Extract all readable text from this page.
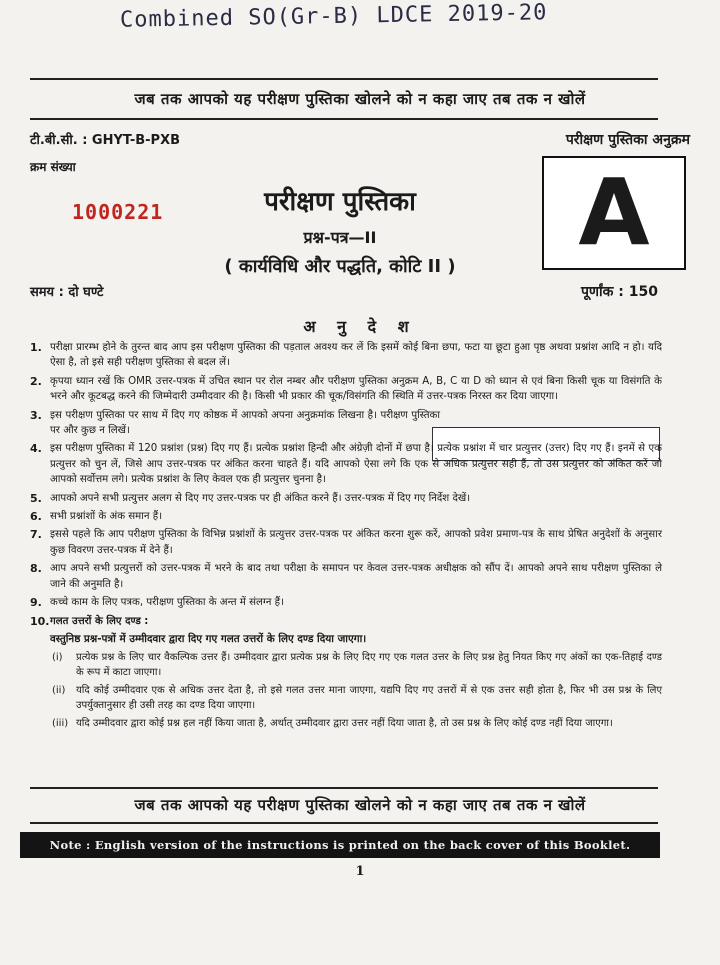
Combined SO(Gr-B) LDCE 2019-20
जब तक आपको यह परीक्षण पुस्तिका खोलने को न कहा जाए तब तक न खोलें
टी.बी.सी. : GHYT-B-PXB	परीक्षण पुस्तिका अनुक्रम
क्रम संख्या
1000221	परीक्षण पुस्तिका
प्रश्न-पत्र—II
( कार्यविधि और पद्धति, कोटि II )
A
समय : दो घण्टे	पूर्णांक : 150
अ नु दे श
1. परीक्षा प्रारम्भ होने के तुरन्त बाद आप इस परीक्षण पुस्तिका की पड़ताल अवश्य कर लें कि इसमें कोई बिना छपा, फटा या छूटा हुआ पृष्ठ अथवा प्रश्नांश आदि न हो। यदि ऐसा है, तो इसे सही परीक्षण पुस्तिका से बदल लें।
2. कृपया ध्यान रखें कि OMR उत्तर-पत्रक में उचित स्थान पर रोल नम्बर और परीक्षण पुस्तिका अनुक्रम A, B, C या D को ध्यान से एवं बिना किसी चूक या विसंगति के भरने और कूटबद्ध करने की जिम्मेदारी उम्मीदवार की है। किसी भी प्रकार की चूक/विसंगति की स्थिति में उत्तर-पत्रक निरस्त कर दिया जाएगा।
3. इस परीक्षण पुस्तिका पर साथ में दिए गए कोष्ठक में आपको अपना अनुक्रमांक लिखना है। परीक्षण पुस्तिका पर और कुछ न लिखें।
4. इस परीक्षण पुस्तिका में 120 प्रश्नांश (प्रश्न) दिए गए हैं। प्रत्येक प्रश्नांश हिन्दी और अंग्रेज़ी दोनों में छपा है। प्रत्येक प्रश्नांश में चार प्रत्युत्तर (उत्तर) दिए गए हैं। इनमें से एक प्रत्युत्तर को चुन लें, जिसे आप उत्तर-पत्रक पर अंकित करना चाहते हैं। यदि आपको ऐसा लगे कि एक से अधिक प्रत्युत्तर सही हैं, तो उस प्रत्युत्तर को अंकित करें जो आपको सर्वोत्तम लगे। प्रत्येक प्रश्नांश के लिए केवल एक ही प्रत्युत्तर चुनना है।
5. आपको अपने सभी प्रत्युत्तर अलग से दिए गए उत्तर-पत्रक पर ही अंकित करने हैं। उत्तर-पत्रक में दिए गए निर्देश देखें।
6. सभी प्रश्नांशों के अंक समान हैं।
7. इससे पहले कि आप परीक्षण पुस्तिका के विभिन्न प्रश्नांशों के प्रत्युत्तर उत्तर-पत्रक पर अंकित करना शुरू करें, आपको प्रवेश प्रमाण-पत्र के साथ प्रेषित अनुदेशों के अनुसार कुछ विवरण उत्तर-पत्रक में देने हैं।
8. आप अपने सभी प्रत्युत्तरों को उत्तर-पत्रक में भरने के बाद तथा परीक्षा के समापन पर केवल उत्तर-पत्रक अधीक्षक को सौंप दें। आपको अपने साथ परीक्षण पुस्तिका ले जाने की अनुमति है।
9. कच्चे काम के लिए पत्रक, परीक्षण पुस्तिका के अन्त में संलग्न हैं।
10. गलत उत्तरों के लिए दण्ड :
वस्तुनिष्ठ प्रश्न-पत्रों में उम्मीदवार द्वारा दिए गए गलत उत्तरों के लिए दण्ड दिया जाएगा।
(i)	प्रत्येक प्रश्न के लिए चार वैकल्पिक उत्तर हैं। उम्मीदवार द्वारा प्रत्येक प्रश्न के लिए दिए गए एक गलत उत्तर के लिए प्रश्न हेतु नियत किए गए अंकों का एक-तिहाई दण्ड के रूप में काटा जाएगा।
(ii)	यदि कोई उम्मीदवार एक से अधिक उत्तर देता है, तो इसे गलत उत्तर माना जाएगा, यद्यपि दिए गए उत्तरों में से एक उत्तर सही होता है, फिर भी उस प्रश्न के लिए उपर्युक्तानुसार ही उसी तरह का दण्ड दिया जाएगा।
(iii) यदि उम्मीदवार द्वारा कोई प्रश्न हल नहीं किया जाता है, अर्थात् उम्मीदवार द्वारा उत्तर नहीं दिया जाता है, तो उस प्रश्न के लिए कोई दण्ड नहीं दिया जाएगा।
जब तक आपको यह परीक्षण पुस्तिका खोलने को न कहा जाए तब तक न खोलें
Note : English version of the instructions is printed on the back cover of this Booklet.
1
